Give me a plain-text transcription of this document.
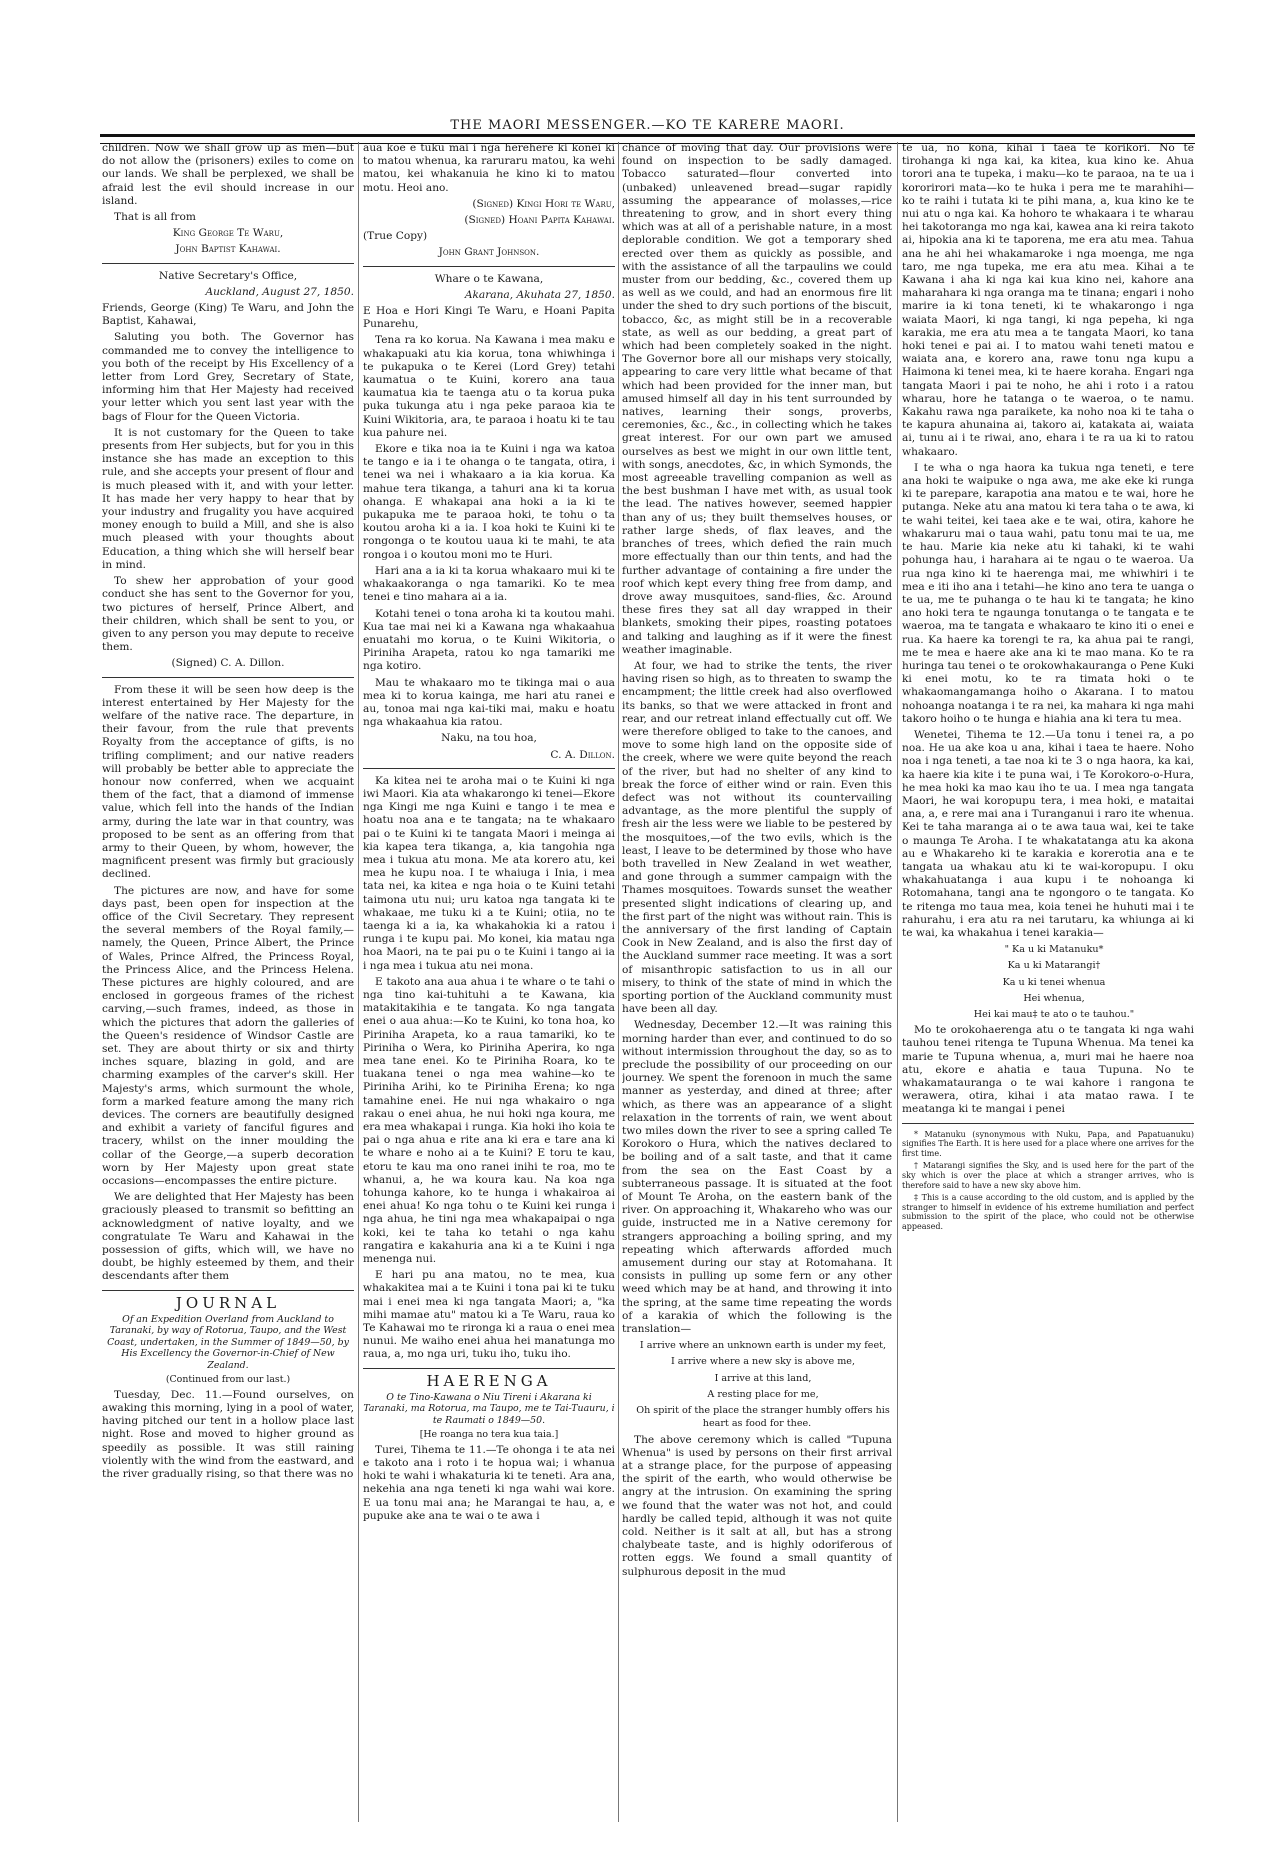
THE MAORI MESSENGER.—KO TE KARERE MAORI.

children. Now we shall grow up as men—but do not allow the (prisoners) exiles to come on our lands. We shall be perplexed, we shall be afraid lest the evil should increase in our island.

That is all from

King George Te Waru,

John Baptist Kahawai.

Native Secretary's Office,

Auckland, August 27, 1850.

Friends, George (King) Te Waru, and John the Baptist, Kahawai,

Saluting you both. The Governor has commanded me to convey the intelligence to you both of the receipt by His Excellency of a letter from Lord Grey, Secretary of State, informing him that Her Majesty had received your letter which you sent last year with the bags of Flour for the Queen Victoria.

It is not customary for the Queen to take presents from Her subjects, but for you in this instance she has made an exception to this rule, and she accepts your present of flour and is much pleased with it, and with your letter. It has made her very happy to hear that by your industry and frugality you have acquired money enough to build a Mill, and she is also much pleased with your thoughts about Education, a thing which she will herself bear in mind.

To shew her approbation of your good conduct she has sent to the Governor for you, two pictures of herself, Prince Albert, and their children, which shall be sent to you, or given to any person you may depute to receive them.

(Signed) C. A. Dillon.

From these it will be seen how deep is the interest entertained by Her Majesty for the welfare of the native race. The departure, in their favour, from the rule that prevents Royalty from the acceptance of gifts, is no trifling compliment; and our native readers will probably be better able to appreciate the honour now conferred, when we acquaint them of the fact, that a diamond of immense value, which fell into the hands of the Indian army, during the late war in that country, was proposed to be sent as an offering from that army to their Queen, by whom, however, the magnificent present was firmly but graciously declined.

The pictures are now, and have for some days past, been open for inspection at the office of the Civil Secretary. They represent the several members of the Royal family,—namely, the Queen, Prince Albert, the Prince of Wales, Prince Alfred, the Princess Royal, the Princess Alice, and the Princess Helena. These pictures are highly coloured, and are enclosed in gorgeous frames of the richest carving,—such frames, indeed, as those in which the pictures that adorn the galleries of the Queen's residence of Windsor Castle are set. They are about thirty or six and thirty inches square, blazing in gold, and are charming examples of the carver's skill. Her Majesty's arms, which surmount the whole, form a marked feature among the many rich devices. The corners are beautifully designed and exhibit a variety of fanciful figures and tracery, whilst on the inner moulding the collar of the George,—a superb decoration worn by Her Majesty upon great state occasions—encompasses the entire picture.

We are delighted that Her Majesty has been graciously pleased to transmit so befitting an acknowledgment of native loyalty, and we congratulate Te Waru and Kahawai in the possession of gifts, which will, we have no doubt, be highly esteemed by them, and their descendants after them

JOURNAL

Of an Expedition Overland from Auckland to Taranaki, by way of Rotorua, Taupo, and the West Coast, undertaken, in the Summer of 1849—50, by His Excellency the Governor-in-Chief of New Zealand.

(Continued from our last.)

Tuesday, Dec. 11.—Found ourselves, on awaking this morning, lying in a pool of water, having pitched our tent in a hollow place last night. Rose and moved to higher ground as speedily as possible. It was still raining violently with the wind from the eastward, and the river gradually rising, so that there was no

aua koe e tuku mai i nga herehere ki konei ki to matou whenua, ka raruraru matou, ka wehi matou, kei whakanuia he kino ki to matou motu. Heoi ano.

(Signed) Kingi Hori te Waru,

(Signed) Hoani Papita Kahawai.

(True Copy)

John Grant Johnson.

Whare o te Kawana,

Akarana, Akuhata 27, 1850.

E Hoa e Hori Kingi Te Waru, e Hoani Papita Punarehu,

Tena ra ko korua. Na Kawana i mea maku e whakapuaki atu kia korua, tona whiwhinga i te pukapuka o te Kerei (Lord Grey) tetahi kaumatua o te Kuini, korero ana taua kaumatua kia te taenga atu o ta korua puka puka tukunga atu i nga peke paraoa kia te Kuini Wikitoria, ara, te paraoa i hoatu ki te tau kua pahure nei.

Ekore e tika noa ia te Kuini i nga wa katoa te tango e ia i te ohanga o te tangata, otira, i tenei wa nei i whakaaro a ia kia korua. Ka mahue tera tikanga, a tahuri ana ki ta korua ohanga. E whakapai ana hoki a ia ki te pukapuka me te paraoa hoki, te tohu o ta koutou aroha ki a ia. I koa hoki te Kuini ki te rongonga o te koutou uaua ki te mahi, te ata rongoa i o koutou moni mo te Huri.

Hari ana a ia ki ta korua whakaaro mui ki te whakaakoranga o nga tamariki. Ko te mea tenei e tino mahara ai a ia.

Kotahi tenei o tona aroha ki ta koutou mahi. Kua tae mai nei ki a Kawana nga whakaahua enuatahi mo korua, o te Kuini Wikitoria, o Piriniha Arapeta, ratou ko nga tamariki me nga kotiro.

Mau te whakaaro mo te tikinga mai o aua mea ki to korua kainga, me hari atu ranei e au, tonoa mai nga kai-tiki mai, maku e hoatu nga whakaahua kia ratou.

Naku, na tou hoa,

C. A. Dillon.

Ka kitea nei te aroha mai o te Kuini ki nga iwi Maori. Kia ata whakarongo ki tenei—Ekore nga Kingi me nga Kuini e tango i te mea e hoatu noa ana e te tangata; na te whakaaro pai o te Kuini ki te tangata Maori i meinga ai kia kapea tera tikanga, a, kia tangohia nga mea i tukua atu mona. Me ata korero atu, kei mea he kupu noa. I te whaiuga i Inia, i mea tata nei, ka kitea e nga hoia o te Kuini tetahi taimona utu nui; uru katoa nga tangata ki te whakaae, me tuku ki a te Kuini; otiia, no te taenga ki a ia, ka whakahokia ki a ratou i runga i te kupu pai. Mo konei, kia matau nga hoa Maori, na te pai pu o te Kuini i tango ai ia i nga mea i tukua atu nei mona.

E takoto ana aua ahua i te whare o te tahi o nga tino kai-tuhituhi a te Kawana, kia matakitakihia e te tangata. Ko nga tangata enei o aua ahua:—Ko te Kuini, ko tona hoa, ko Piriniha Arapeta, ko a raua tamariki, ko te Piriniha o Wera, ko Piriniha Aperira, ko nga mea tane enei. Ko te Piriniha Roara, ko te tuakana tenei o nga mea wahine—ko te Piriniha Arihi, ko te Piriniha Erena; ko nga tamahine enei. He nui nga whakairo o nga rakau o enei ahua, he nui hoki nga koura, me era mea whakapai i runga. Kia hoki iho koia te pai o nga ahua e rite ana ki era e tare ana ki te whare e noho ai a te Kuini? E toru te kau, etoru te kau ma ono ranei inihi te roa, mo te whanui, a, he wa koura kau. Na koa nga tohunga kahore, ko te hunga i whakairoa ai enei ahua! Ko nga tohu o te Kuini kei runga i nga ahua, he tini nga mea whakapaipai o nga koki, kei te taha ko tetahi o nga kahu rangatira e kakahuria ana ki a te Kuini i nga menenga nui.

E hari pu ana matou, no te mea, kua whakakitea mai a te Kuini i tona pai ki te tuku mai i enei mea ki nga tangata Maori; a, "ka mihi mamae atu" matou ki a Te Waru, raua ko Te Kahawai mo te rironga ki a raua o enei mea nunui. Me waiho enei ahua hei manatunga mo raua, a, mo nga uri, tuku iho, tuku iho.

HAERENGA

O te Tino-Kawana o Niu Tireni i Akarana ki Taranaki, ma Rotorua, ma Taupo, me te Tai-Tuauru, i te Raumati o 1849—50.

[He roanga no tera kua taia.]

Turei, Tihema te 11.—Te ohonga i te ata nei e takoto ana i roto i te hopua wai; i whanua hoki te wahi i whakaturia ki te teneti. Ara ana, nekehia ana nga teneti ki nga wahi wai kore. E ua tonu mai ana; he Marangai te hau, a, e pupuke ake ana te wai o te awa i

chance of moving that day. Our provisions were found on inspection to be sadly damaged. Tobacco saturated—flour converted into (unbaked) unleavened bread—sugar rapidly assuming the appearance of molasses,—rice threatening to grow, and in short every thing which was at all of a perishable nature, in a most deplorable condition. We got a temporary shed erected over them as quickly as possible, and with the assistance of all the tarpaulins we could muster from our bedding, &c., covered them up as well as we could, and had an enormous fire lit under the shed to dry such portions of the biscuit, tobacco, &c, as might still be in a recoverable state, as well as our bedding, a great part of which had been completely soaked in the night. The Governor bore all our mishaps very stoically, appearing to care very little what became of that which had been provided for the inner man, but amused himself all day in his tent surrounded by natives, learning their songs, proverbs, ceremonies, &c., &c., in collecting which he takes great interest. For our own part we amused ourselves as best we might in our own little tent, with songs, anecdotes, &c, in which Symonds, the most agreeable travelling companion as well as the best bushman I have met with, as usual took the lead. The natives however, seemed happier than any of us; they built themselves houses, or rather large sheds, of flax leaves, and the branches of trees, which defied the rain much more effectually than our thin tents, and had the further advantage of containing a fire under the roof which kept every thing free from damp, and drove away musquitoes, sand-flies, &c. Around these fires they sat all day wrapped in their blankets, smoking their pipes, roasting potatoes and talking and laughing as if it were the finest weather imaginable.

At four, we had to strike the tents, the river having risen so high, as to threaten to swamp the encampment; the little creek had also overflowed its banks, so that we were attacked in front and rear, and our retreat inland effectually cut off. We were therefore obliged to take to the canoes, and move to some high land on the opposite side of the creek, where we were quite beyond the reach of the river, but had no shelter of any kind to break the force of either wind or rain. Even this defect was not without its countervailing advantage, as the more plentiful the supply of fresh air the less were we liable to be pestered by the mosquitoes,—of the two evils, which is the least, I leave to be determined by those who have both travelled in New Zealand in wet weather, and gone through a summer campaign with the Thames mosquitoes. Towards sunset the weather presented slight indications of clearing up, and the first part of the night was without rain. This is the anniversary of the first landing of Captain Cook in New Zealand, and is also the first day of the Auckland summer race meeting. It was a sort of misanthropic satisfaction to us in all our misery, to think of the state of mind in which the sporting portion of the Auckland community must have been all day.

Wednesday, December 12.—It was raining this morning harder than ever, and continued to do so without intermission throughout the day, so as to preclude the possibility of our proceeding on our journey. We spent the forenoon in much the same manner as yesterday, and dined at three; after which, as there was an appearance of a slight relaxation in the torrents of rain, we went about two miles down the river to see a spring called Te Korokoro o Hura, which the natives declared to be boiling and of a salt taste, and that it came from the sea on the East Coast by a subterraneous passage. It is situated at the foot of Mount Te Aroha, on the eastern bank of the river. On approaching it, Whakareho who was our guide, instructed me in a Native ceremony for strangers approaching a boiling spring, and my repeating which afterwards afforded much amusement during our stay at Rotomahana. It consists in pulling up some fern or any other weed which may be at hand, and throwing it into the spring, at the same time repeating the words of a karakia of which the following is the translation—

I arrive where an unknown earth is under my feet,

I arrive where a new sky is above me,

I arrive at this land,

A resting place for me,

Oh spirit of the place the stranger humbly offers his heart as food for thee.

The above ceremony which is called "Tupuna Whenua" is used by persons on their first arrival at a strange place, for the purpose of appeasing the spirit of the earth, who would otherwise be angry at the intrusion. On examining the spring we found that the water was not hot, and could hardly be called tepid, although it was not quite cold. Neither is it salt at all, but has a strong chalybeate taste, and is highly odoriferous of rotten eggs. We found a small quantity of sulphurous deposit in the mud

te ua, no kona, kihai i taea te korikori. No te tirohanga ki nga kai, ka kitea, kua kino ke. Ahua torori ana te tupeka, i maku—ko te paraoa, na te ua i kororirori mata—ko te huka i pera me te marahihi—ko te raihi i tutata ki te pihi mana, a, kua kino ke te nui atu o nga kai. Ka hohoro te whakaara i te wharau hei takotoranga mo nga kai, kawea ana ki reira takoto ai, hipokia ana ki te taporena, me era atu mea. Tahua ana he ahi hei whakamaroke i nga moenga, me nga taro, me nga tupeka, me era atu mea. Kihai a te Kawana i aha ki nga kai kua kino nei, kahore ana maharahara ki nga oranga ma te tinana; engari i noho marire ia ki tona teneti, ki te whakarongo i nga waiata Maori, ki nga tangi, ki nga pepeha, ki nga karakia, me era atu mea a te tangata Maori, ko tana hoki tenei e pai ai. I to matou wahi teneti matou e waiata ana, e korero ana, rawe tonu nga kupu a Haimona ki tenei mea, ki te haere koraha. Engari nga tangata Maori i pai te noho, he ahi i roto i a ratou wharau, hore he tatanga o te waeroa, o te namu. Kakahu rawa nga paraikete, ka noho noa ki te taha o te kapura ahunaina ai, takoro ai, katakata ai, waiata ai, tunu ai i te riwai, ano, ehara i te ra ua ki to ratou whakaaro.

I te wha o nga haora ka tukua nga teneti, e tere ana hoki te waipuke o nga awa, me ake eke ki runga ki te parepare, karapotia ana matou e te wai, hore he putanga. Neke atu ana matou ki tera taha o te awa, ki te wahi teitei, kei taea ake e te wai, otira, kahore he whakaruru mai o taua wahi, patu tonu mai te ua, me te hau. Marie kia neke atu ki tahaki, ki te wahi pohunga hau, i harahara ai te ngau o te waeroa. Ua rua nga kino ki te haerenga mai, me whiwhiri i te mea e iti iho ana i tetahi—he kino ano tera te uanga o te ua, me te puhanga o te hau ki te tangata; he kino ano hoki tera te ngaunga tonutanga o te tangata e te waeroa, ma te tangata e whakaaro te kino iti o enei e rua. Ka haere ka torengi te ra, ka ahua pai te rangi, me te mea e haere ake ana ki te mao mana. Ko te ra huringa tau tenei o te orokowhakauranga o Pene Kuki ki enei motu, ko te ra timata hoki o te whakaomangamanga hoiho o Akarana. I to matou nohoanga noatanga i te ra nei, ka mahara ki nga mahi takoro hoiho o te hunga e hiahia ana ki tera tu mea.

Wenetei, Tihema te 12.—Ua tonu i tenei ra, a po noa. He ua ake koa u ana, kihai i taea te haere. Noho noa i nga teneti, a tae noa ki te 3 o nga haora, ka kai, ka haere kia kite i te puna wai, i Te Korokoro-o-Hura, he mea hoki ka mao kau iho te ua. I mea nga tangata Maori, he wai koropupu tera, i mea hoki, e mataitai ana, a, e rere mai ana i Turanganui i raro ite whenua. Kei te taha maranga ai o te awa taua wai, kei te take o maunga Te Aroha. I te whakatatanga atu ka akona au e Whakareho ki te karakia e korerotia ana e te tangata ua whakau atu ki te wai-koropupu. I oku whakahuatanga i aua kupu i te nohoanga ki Rotomahana, tangi ana te ngongoro o te tangata. Ko te ritenga mo taua mea, koia tenei he huhuti mai i te rahurahu, i era atu ra nei tarutaru, ka whiunga ai ki te wai, ka whakahua i tenei karakia—

" Ka u ki Matanuku*

Ka u ki Matarangi†

Ka u ki tenei whenua

Hei whenua,

Hei kai mau‡ te ato o te tauhou."

Mo te orokohaerenga atu o te tangata ki nga wahi tauhou tenei ritenga te Tupuna Whenua. Ma tenei ka marie te Tupuna whenua, a, muri mai he haere noa atu, ekore e ahatia e taua Tupuna. No te whakamatauranga o te wai kahore i rangona te werawera, otira, kihai i ata matao rawa. I te meatanga ki te mangai i penei

* Matanuku (synonymous with Nuku, Papa, and Papatuanuku) signifies The Earth. It is here used for a place where one arrives for the first time.

† Matarangi signifies the Sky, and is used here for the part of the sky which is over the place at which a stranger arrives, who is therefore said to have a new sky above him.

‡ This is a cause according to the old custom, and is applied by the stranger to himself in evidence of his extreme humiliation and perfect submission to the spirit of the place, who could not be otherwise appeased.
